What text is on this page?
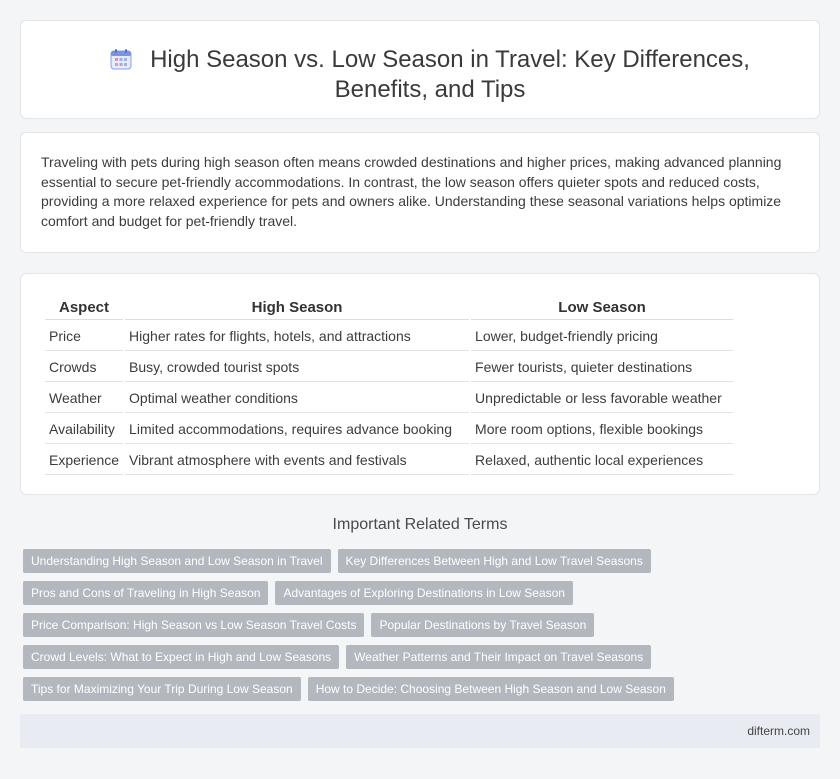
High Season vs. Low Season in Travel: Key Differences, Benefits, and Tips

Traveling with pets during high season often means crowded destinations and higher prices, making advanced planning essential to secure pet-friendly accommodations. In contrast, the low season offers quieter spots and reduced costs, providing a more relaxed experience for pets and owners alike. Understanding these seasonal variations helps optimize comfort and budget for pet-friendly travel.

Aspect	High Season	Low Season
Price	Higher rates for flights, hotels, and attractions	Lower, budget-friendly pricing
Crowds	Busy, crowded tourist spots	Fewer tourists, quieter destinations
Weather	Optimal weather conditions	Unpredictable or less favorable weather
Availability	Limited accommodations, requires advance booking	More room options, flexible bookings
Experience	Vibrant atmosphere with events and festivals	Relaxed, authentic local experiences
Important Related Terms
Understanding High Season and Low Season in Travel	Key Differences Between High and Low Travel Seasons
Pros and Cons of Traveling in High Season	Advantages of Exploring Destinations in Low Season
Price Comparison: High Season vs Low Season Travel Costs	Popular Destinations by Travel Season
Crowd Levels: What to Expect in High and Low Seasons	Weather Patterns and Their Impact on Travel Seasons
Tips for Maximizing Your Trip During Low Season	How to Decide: Choosing Between High Season and Low Season
difterm.com
